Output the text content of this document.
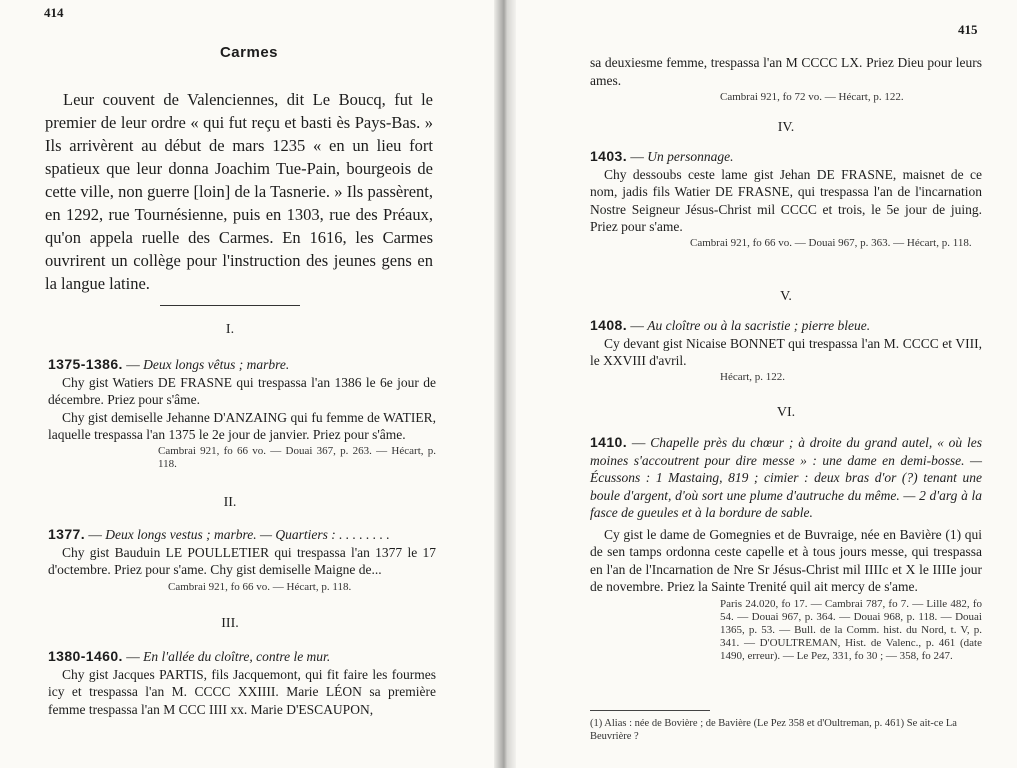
414
Carmes

Leur couvent de Valenciennes, dit Le Boucq, fut le premier de leur ordre « qui fut reçu et basti ès Pays-Bas. » Ils arrivèrent au début de mars 1235 « en un lieu fort spatieux que leur donna Joachim Tue-Pain, bourgeois de cette ville, non guerre [loin] de la Tasnerie. » Ils passèrent, en 1292, rue Tournésienne, puis en 1303, rue des Préaux, qu'on appela ruelle des Carmes. En 1616, les Carmes ouvrirent un collège pour l'instruction des jeunes gens en la langue latine.

I.

1375-1386. — Deux longs vêtus ; marbre.

Chy gist Watiers DE FRASNE qui trespassa l'an 1386 le 6e jour de décembre. Priez pour s'âme.

Chy gist demiselle Jehanne D'ANZAING qui fu femme de WATIER, laquelle trespassa l'an 1375 le 2e jour de janvier. Priez pour s'âme.

Cambrai 921, fo 66 vo. — Douai 367, p. 263. — Hécart, p. 118.
II.

1377. — Deux longs vestus ; marbre. — Quartiers : . . . . . . . .

Chy gist Bauduin LE POULLETIER qui trespassa l'an 1377 le 17 d'octembre. Priez pour s'ame. Chy gist demiselle Maigne de...

Cambrai 921, fo 66 vo. — Hécart, p. 118.
III.

1380-1460. — En l'allée du cloître, contre le mur.

Chy gist Jacques PARTIS, fils Jacquemont, qui fit faire les fourmes icy et trespassa l'an M. CCCC XXIIII. Marie LÉON sa première femme trespassa l'an M CCC IIII xx. Marie D'ESCAUPON,

415

sa deuxiesme femme, trespassa l'an M CCCC LX. Priez Dieu pour leurs ames.

Cambrai 921, fo 72 vo. — Hécart, p. 122.
IV.

1403. — Un personnage.

Chy dessoubs ceste lame gist Jehan DE FRASNE, maisnet de ce nom, jadis fils Watier DE FRASNE, qui trespassa l'an de l'incarnation Nostre Seigneur Jésus-Christ mil CCCC et trois, le 5e jour de juing. Priez pour s'ame.

Cambrai 921, fo 66 vo. — Douai 967, p. 363. — Hécart, p. 118.
V.

1408. — Au cloître ou à la sacristie ; pierre bleue.

Cy devant gist Nicaise BONNET qui trespassa l'an M. CCCC et VIII, le XXVIII d'avril.

Hécart, p. 122.
VI.

1410. — Chapelle près du chœur ; à droite du grand autel, « où les moines s'accoutrent pour dire messe » : une dame en demi-bosse. — Écussons : 1 Mastaing, 819 ; cimier : deux bras d'or (?) tenant une boule d'argent, d'où sort une plume d'autruche du même. — 2 d'arg à la fasce de gueules et à la bordure de sable.

Cy gist le dame de Gomegnies et de Buvraige, née en Bavière (1) qui de sen tamps ordonna ceste capelle et à tous jours messe, qui trespassa en l'an de l'Incarnation de Nre Sr Jésus-Christ mil IIIIc et X le IIIIe jour de novembre. Priez la Sainte Trenité quil ait mercy de s'ame.

Paris 24.020, fo 17. — Cambrai 787, fo 7. — Lille 482, fo 54. — Douai 967, p. 364. — Douai 968, p. 118. — Douai 1365, p. 53. — Bull. de la Comm. hist. du Nord, t. V, p. 341. — D'OULTREMAN, Hist. de Valenc., p. 461 (date 1490, erreur). — Le Pez, 331, fo 30 ; — 358, fo 247.
(1) Alias : née de Bovière ; de Bavière (Le Pez 358 et d'Oultreman, p. 461) Se ait-ce La Beuvrière ?
